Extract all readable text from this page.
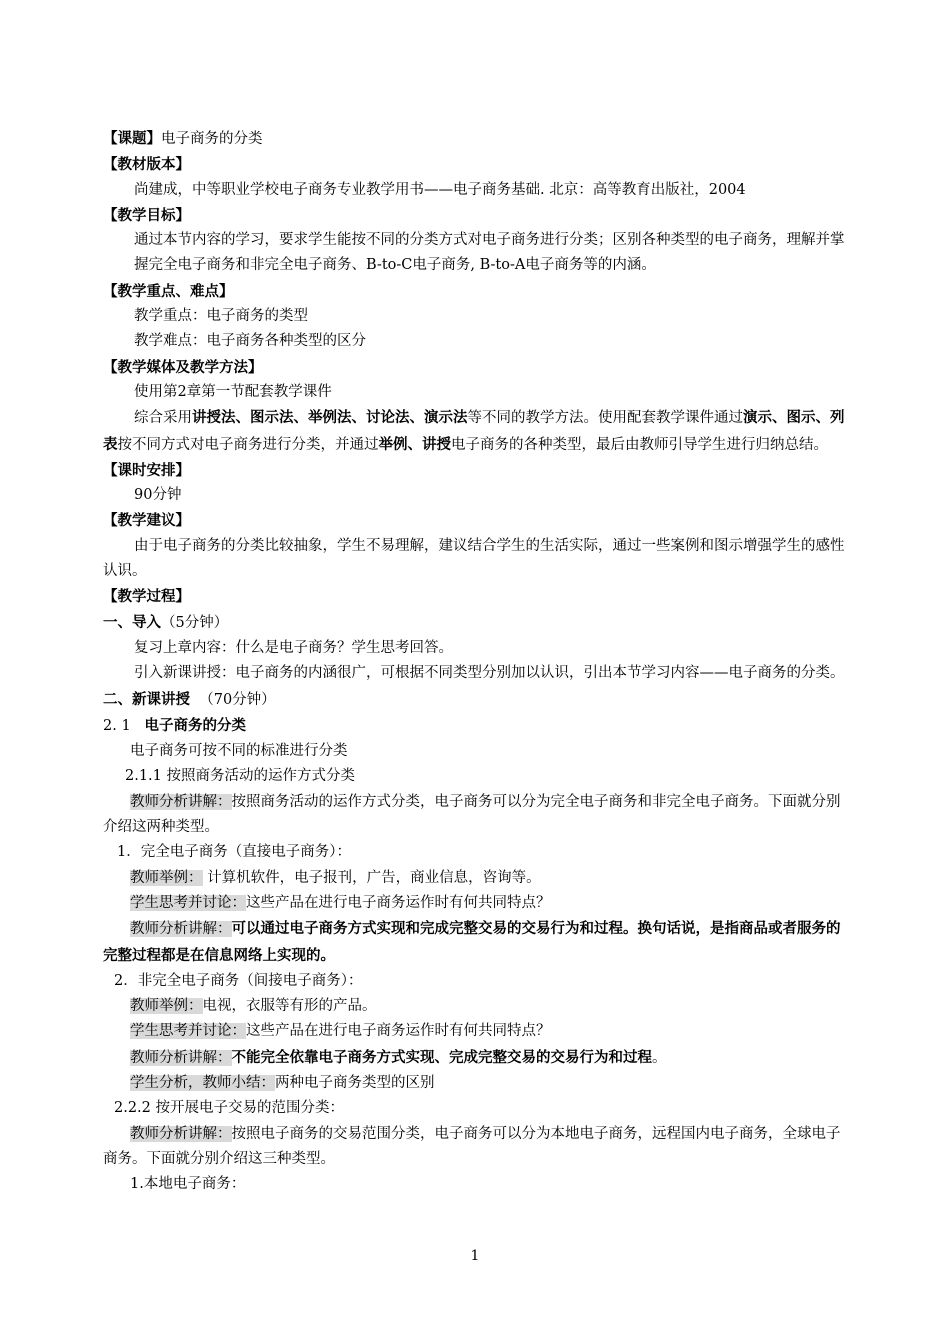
【课题】电子商务的分类
【教材版本】
尚建成，中等职业学校电子商务专业教学用书——电子商务基础. 北京：高等教育出版社，2004
【教学目标】
通过本节内容的学习，要求学生能按不同的分类方式对电子商务进行分类；区别各种类型的电子商务，理解并掌握完全电子商务和非完全电子商务、B-to-C电子商务, B-to-A电子商务等的内涵。
【教学重点、难点】
教学重点：电子商务的类型
教学难点：电子商务各种类型的区分
【教学媒体及教学方法】
使用第2章第一节配套教学课件
综合采用讲授法、图示法、举例法、讨论法、演示法等不同的教学方法。使用配套教学课件通过演示、图示、列表按不同方式对电子商务进行分类，并通过举例、讲授电子商务的各种类型，最后由教师引导学生进行归纳总结。
【课时安排】
90分钟
【教学建议】
由于电子商务的分类比较抽象，学生不易理解，建议结合学生的生活实际，通过一些案例和图示增强学生的感性认识。
【教学过程】
一、导入（5分钟）
复习上章内容：什么是电子商务？学生思考回答。
引入新课讲授：电子商务的内涵很广，可根据不同类型分别加以认识，引出本节学习内容——电子商务的分类。
二、新课讲授 （70分钟）
2. 1 电子商务的分类
电子商务可按不同的标准进行分类
2.1.1 按照商务活动的运作方式分类
教师分析讲解：按照商务活动的运作方式分类，电子商务可以分为完全电子商务和非完全电子商务。下面就分别介绍这两种类型。
1．完全电子商务（直接电子商务）：
教师举例： 计算机软件，电子报刊，广告，商业信息，咨询等。
学生思考并讨论：这些产品在进行电子商务运作时有何共同特点？
教师分析讲解：可以通过电子商务方式实现和完成完整交易的交易行为和过程。换句话说，是指商品或者服务的完整过程都是在信息网络上实现的。
2．非完全电子商务（间接电子商务）：
教师举例：电视，衣服等有形的产品。
学生思考并讨论：这些产品在进行电子商务运作时有何共同特点？
教师分析讲解：不能完全依靠电子商务方式实现、完成完整交易的交易行为和过程。
学生分析，教师小结：两种电子商务类型的区别
2.2.2 按开展电子交易的范围分类：
教师分析讲解：按照电子商务的交易范围分类，电子商务可以分为本地电子商务，远程国内电子商务，全球电子商务。下面就分别介绍这三种类型。
1.本地电子商务：
1
